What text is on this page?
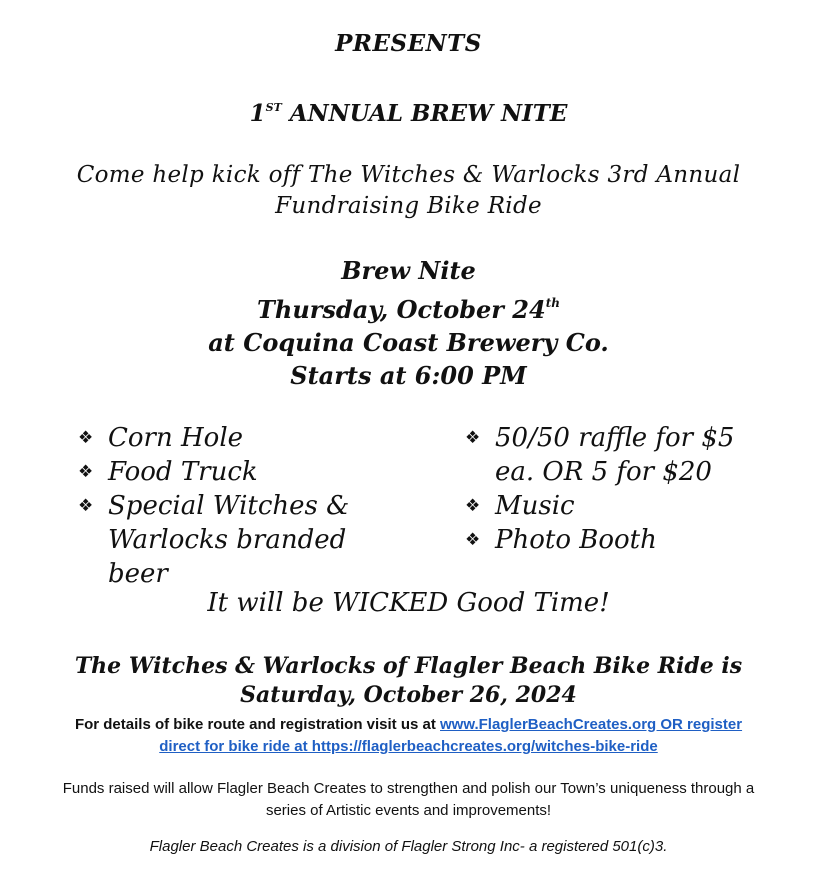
PRESENTS
1ST ANNUAL BREW NITE
Come help kick off The Witches & Warlocks 3rd Annual
Fundraising Bike Ride
Brew Nite
Thursday, October 24th
at Coquina Coast Brewery Co.
Starts at 6:00 PM
❖ Corn Hole
❖ Food Truck
❖ Special Witches & Warlocks branded beer
❖ 50/50 raffle for $5 ea. OR 5 for $20
❖ Music
❖ Photo Booth
It will be WICKED Good Time!
The Witches & Warlocks of Flagler Beach Bike Ride is
Saturday, October 26, 2024
For details of bike route and registration visit us at www.FlaglerBeachCreates.org OR register
direct for bike ride at https://flaglerbeachcreates.org/witches-bike-ride
Funds raised will allow Flagler Beach Creates to strengthen and polish our Town’s uniqueness through a
series of Artistic events and improvements!
Flagler Beach Creates is a division of Flagler Strong Inc- a registered 501(c)3.
